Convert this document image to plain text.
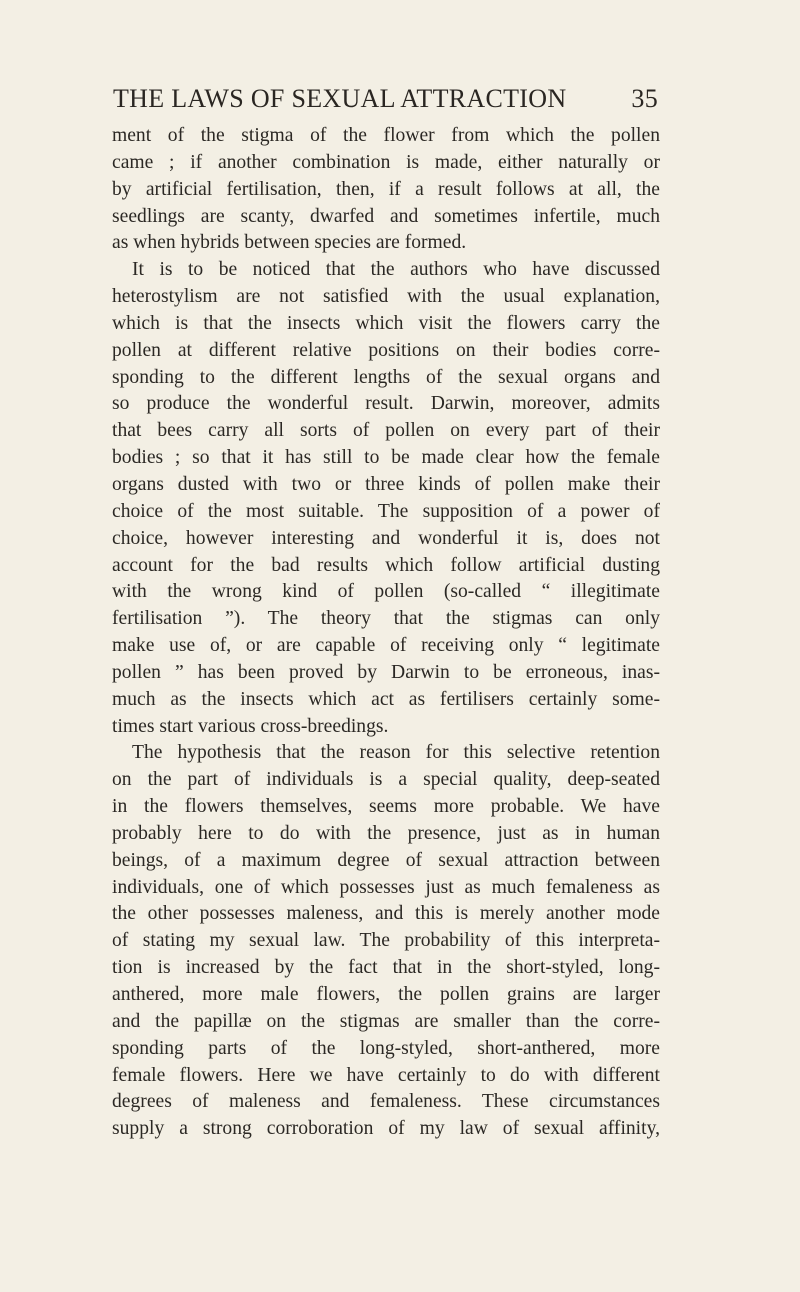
THE LAWS OF SEXUAL ATTRACTION 35
ment of the stigma of the flower from which the pollen
came ; if another combination is made, either naturally or
by artificial fertilisation, then, if a result follows at all, the
seedlings are scanty, dwarfed and sometimes infertile, much
as when hybrids between species are formed.
It is to be noticed that the authors who have discussed
heterostylism are not satisfied with the usual explanation,
which is that the insects which visit the flowers carry the
pollen at different relative positions on their bodies corre-
sponding to the different lengths of the sexual organs and
so produce the wonderful result. Darwin, moreover, admits
that bees carry all sorts of pollen on every part of their
bodies ; so that it has still to be made clear how the female
organs dusted with two or three kinds of pollen make their
choice of the most suitable. The supposition of a power of
choice, however interesting and wonderful it is, does not
account for the bad results which follow artificial dusting
with the wrong kind of pollen (so-called “ illegitimate
fertilisation ”). The theory that the stigmas can only
make use of, or are capable of receiving only “ legitimate
pollen ” has been proved by Darwin to be erroneous, inas-
much as the insects which act as fertilisers certainly some-
times start various cross-breedings.
The hypothesis that the reason for this selective retention
on the part of individuals is a special quality, deep-seated
in the flowers themselves, seems more probable. We have
probably here to do with the presence, just as in human
beings, of a maximum degree of sexual attraction between
individuals, one of which possesses just as much femaleness as
the other possesses maleness, and this is merely another mode
of stating my sexual law. The probability of this interpreta-
tion is increased by the fact that in the short-styled, long-
anthered, more male flowers, the pollen grains are larger
and the papillæ on the stigmas are smaller than the corre-
sponding parts of the long-styled, short-anthered, more
female flowers. Here we have certainly to do with different
degrees of maleness and femaleness. These circumstances
supply a strong corroboration of my law of sexual affinity,
